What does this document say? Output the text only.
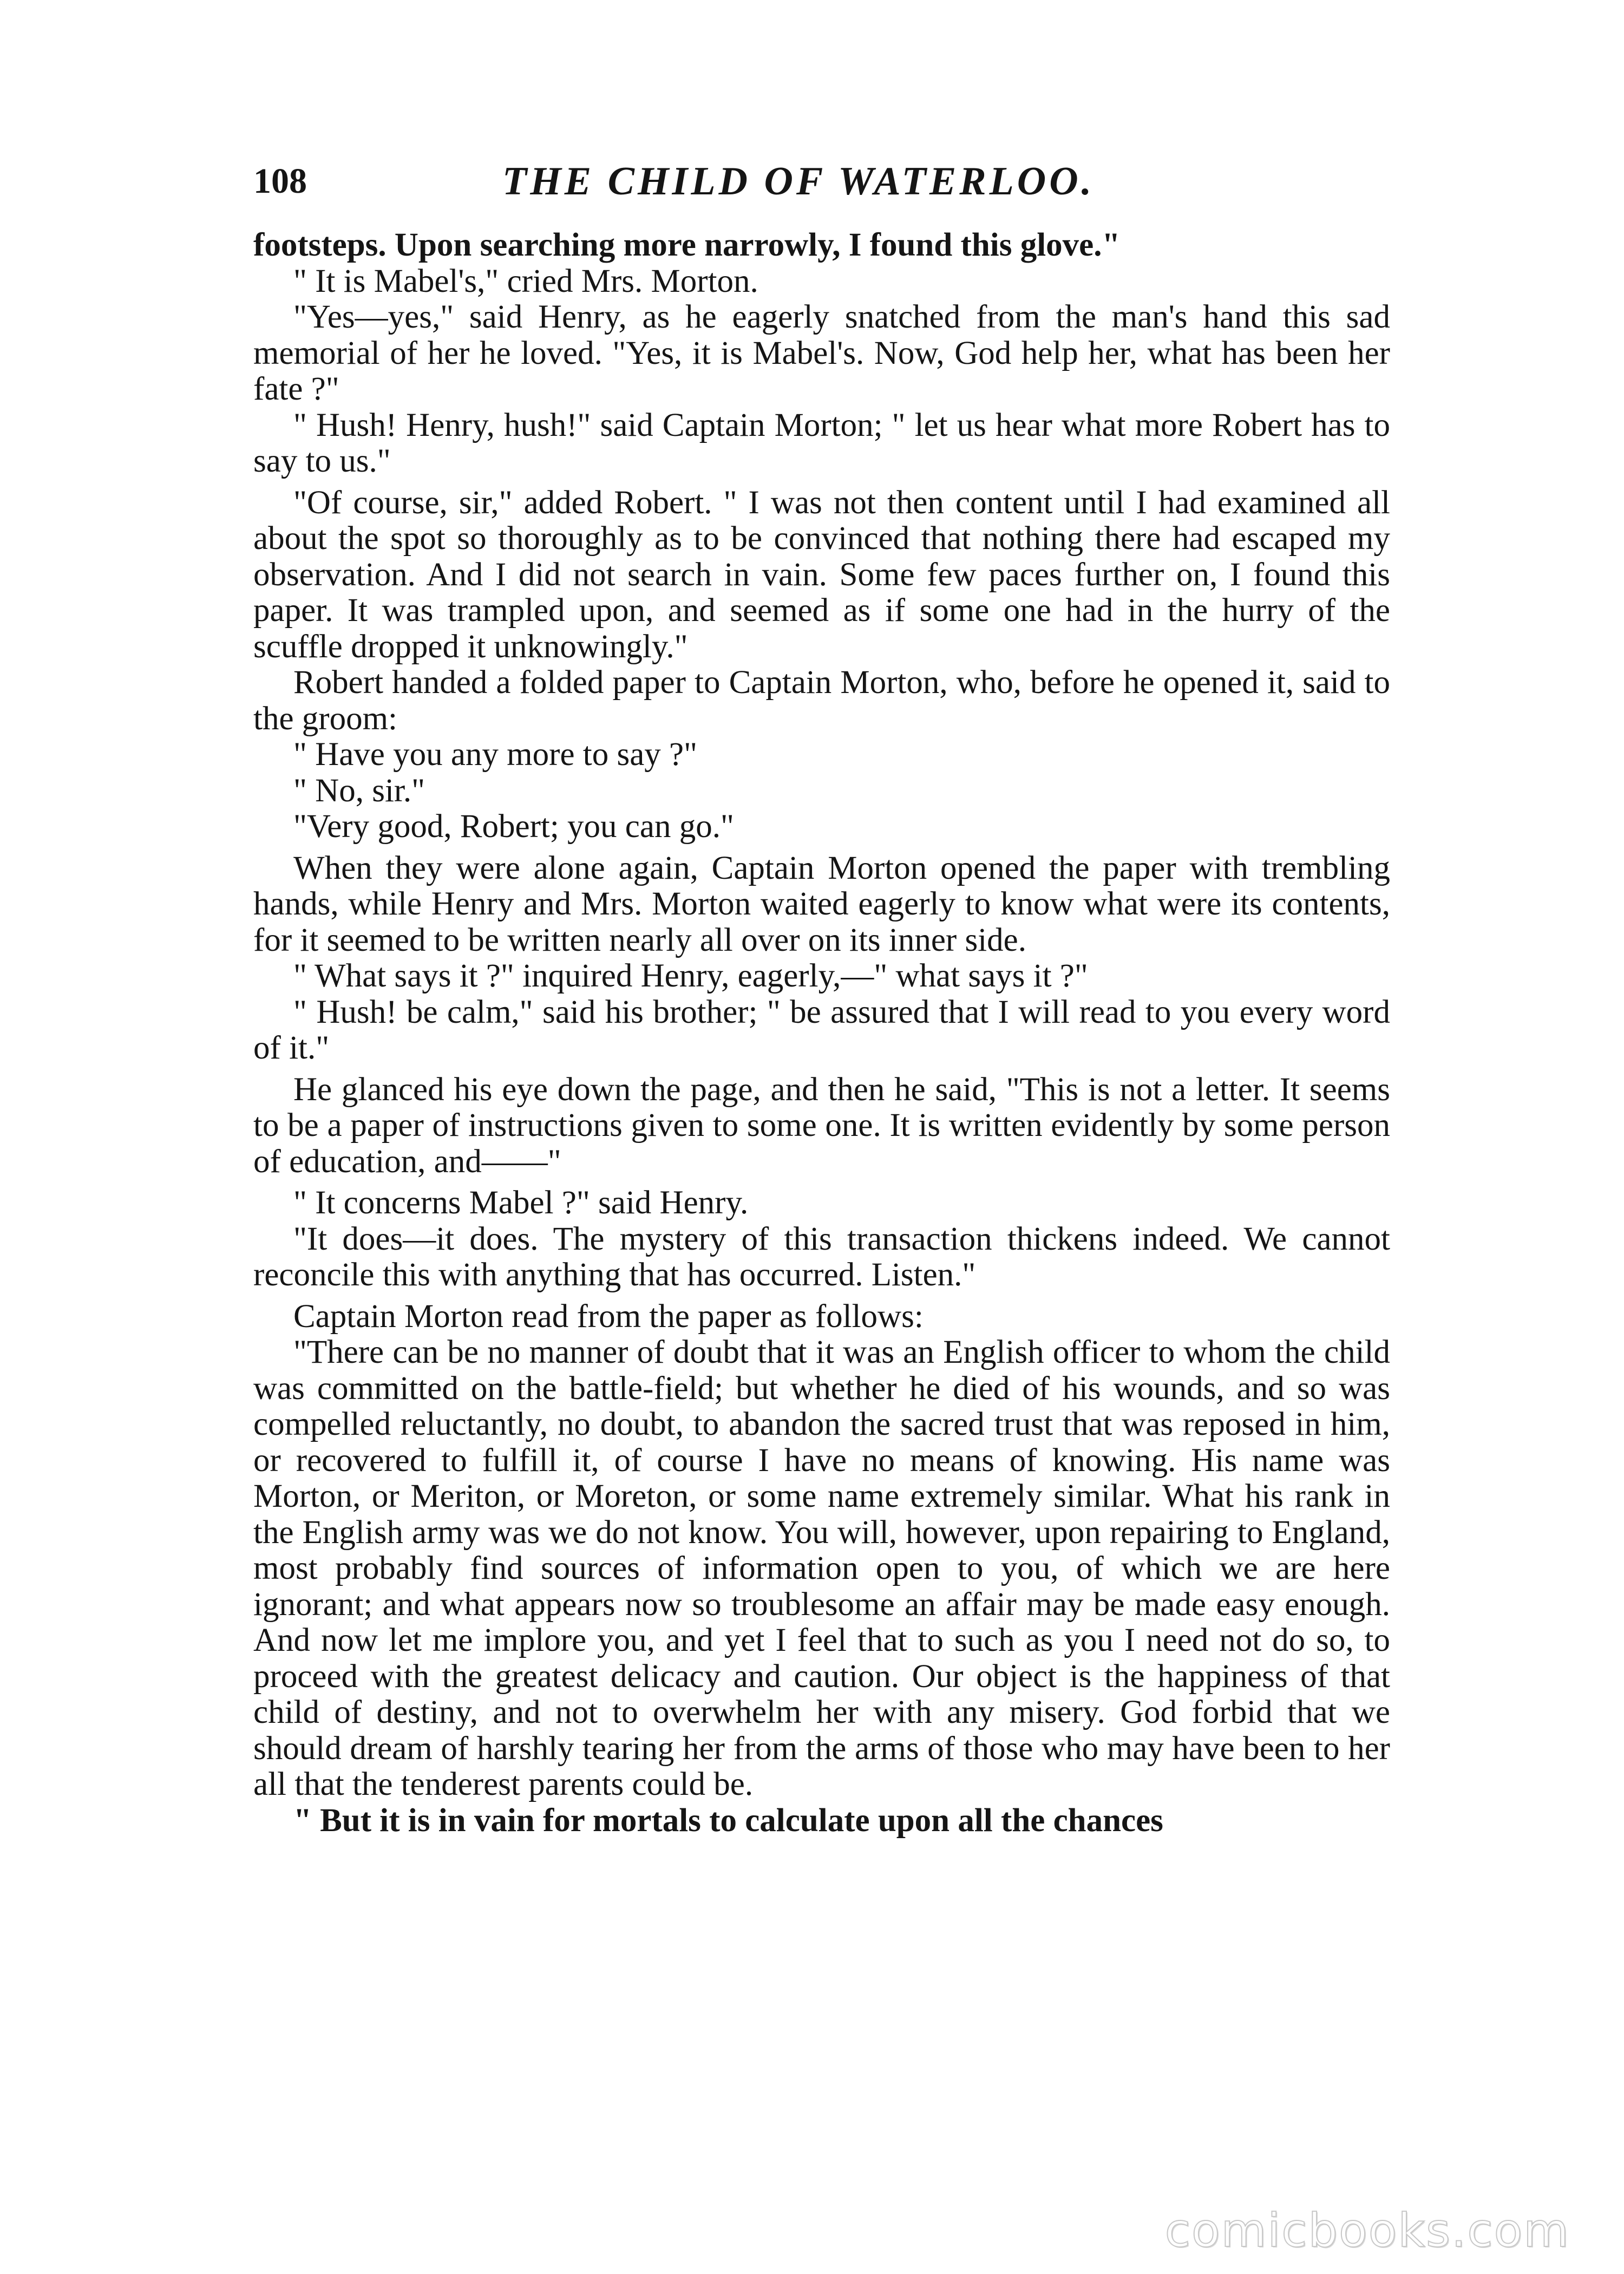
108	THE CHILD OF WATERLOO.

footsteps. Upon searching more narrowly, I found this glove."

" It is Mabel's," cried Mrs. Morton.

"Yes—yes," said Henry, as he eagerly snatched from the man's hand this sad memorial of her he loved. "Yes, it is Mabel's. Now, God help her, what has been her fate ?"

" Hush! Henry, hush!" said Captain Morton; " let us hear what more Robert has to say to us."

"Of course, sir," added Robert. " I was not then content until I had examined all about the spot so thoroughly as to be convinced that nothing there had escaped my observation. And I did not search in vain. Some few paces further on, I found this paper. It was trampled upon, and seemed as if some one had in the hurry of the scuffle dropped it unknowingly."

Robert handed a folded paper to Captain Morton, who, before he opened it, said to the groom:

" Have you any more to say ?"

" No, sir."

"Very good, Robert; you can go."

When they were alone again, Captain Morton opened the paper with trembling hands, while Henry and Mrs. Morton waited eagerly to know what were its contents, for it seemed to be written nearly all over on its inner side.

" What says it ?" inquired Henry, eagerly,—" what says it ?"

" Hush! be calm," said his brother; " be assured that I will read to you every word of it."

He glanced his eye down the page, and then he said, "This is not a letter. It seems to be a paper of instructions given to some one. It is written evidently by some person of education, and——"

" It concerns Mabel ?" said Henry.

"It does—it does. The mystery of this transaction thickens indeed. We cannot reconcile this with anything that has occurred. Listen."

Captain Morton read from the paper as follows:

"There can be no manner of doubt that it was an English officer to whom the child was committed on the battle-field; but whether he died of his wounds, and so was compelled reluctantly, no doubt, to abandon the sacred trust that was reposed in him, or recovered to fulfill it, of course I have no means of knowing. His name was Morton, or Meriton, or Moreton, or some name extremely similar. What his rank in the English army was we do not know. You will, however, upon repairing to England, most probably find sources of information open to you, of which we are here ignorant; and what appears now so troublesome an affair may be made easy enough. And now let me implore you, and yet I feel that to such as you I need not do so, to proceed with the greatest delicacy and caution. Our object is the happiness of that child of destiny, and not to overwhelm her with any misery. God forbid that we should dream of harshly tearing her from the arms of those who may have been to her all that the tenderest parents could be.

" But it is in vain for mortals to calculate upon all the chances

comicbooks.com
